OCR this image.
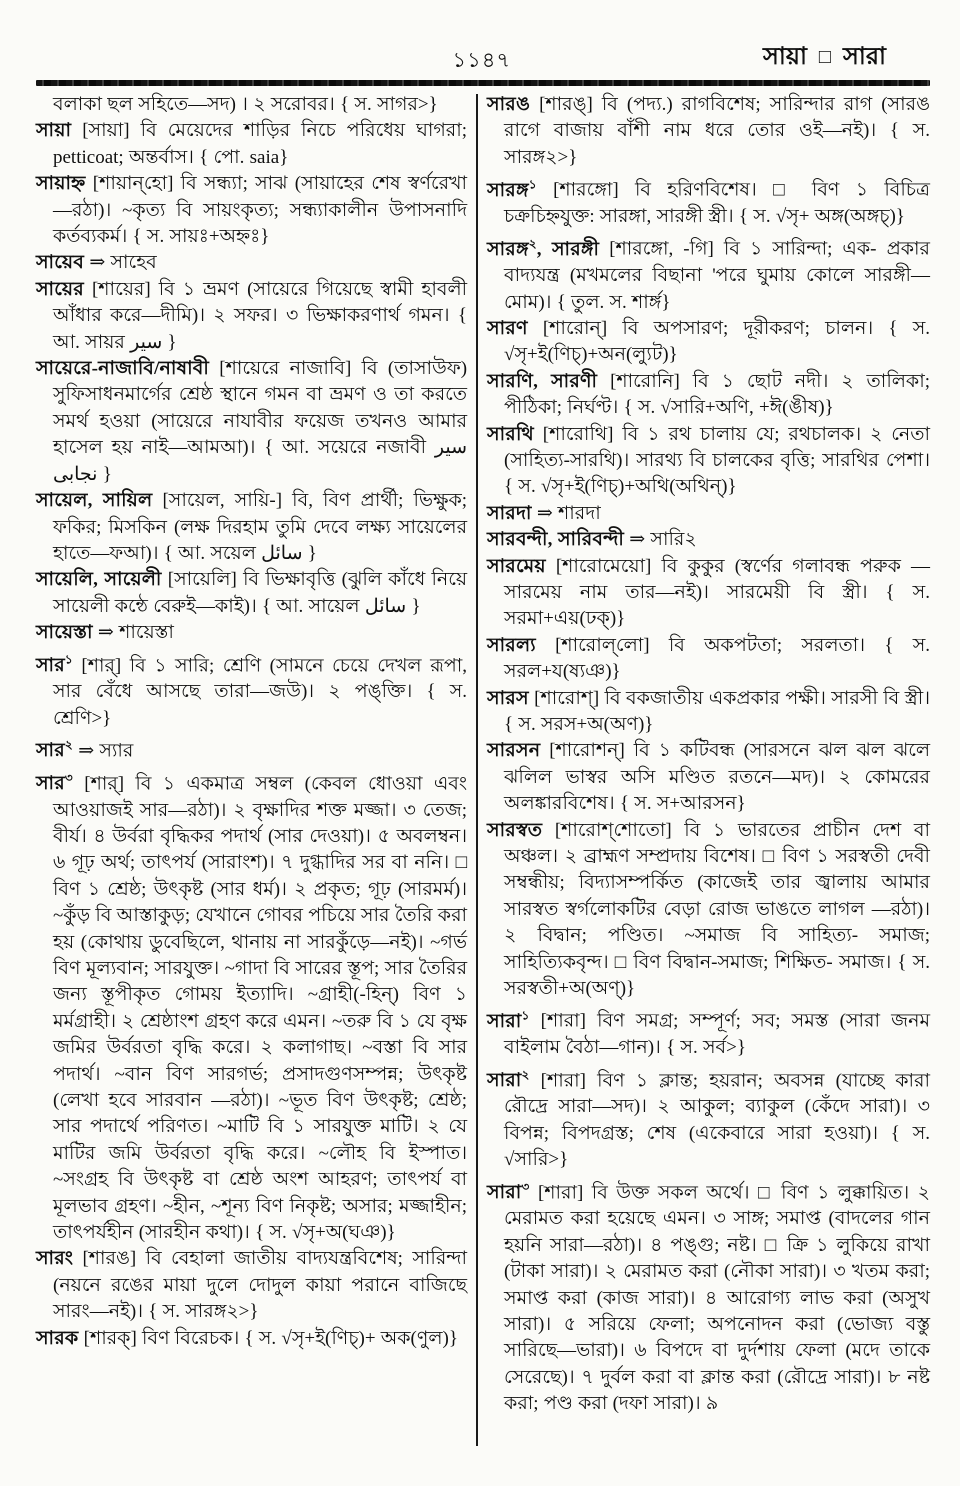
১১৪৭	সায়া □ সারা

বলাকা ছল সহিতে—সদ) । ২ সরোবর। { স. সাগর>}

সায়া [সায়া] বি মেয়েদের শাড়ির নিচে পরিধেয় ঘাগরা; petticoat; অন্তর্বাস। { পো. saia}

সায়াহ্ন [শায়ান্‌হো] বি সন্ধ্যা; সাঝ (সায়াহের শেষ স্বর্ণরেখা—রঠা)। ~কৃত্য বি সায়ংকৃত্য; সন্ধ্যাকালীন উপাসনাদি কর্তব্যকর্ম। { স. সায়ঃ+অহ্নঃ}

সায়েব ⇒ সাহেব

সায়ের [শায়ের] বি ১ ভ্রমণ (সায়েরে গিয়েছে স্বামী হাবলী আঁধার করে—দীমি)। ২ সফর। ৩ ভিক্ষাকরণার্থ গমন। { আ. সায়র سير }

সায়েরে-নাজাবি/নাষাবী [শায়েরে নাজাবি] বি (তাসাউফ) সুফিসাধনমার্গের শ্রেষ্ঠ স্থানে গমন বা ভ্রমণ ও তা করতে সমর্থ হওয়া (সায়েরে নাযাবীর ফয়েজ তখনও আমার হাসেল হয় নাই—আমআ)। { আ. সয়েরে নজাবী سير نجابى }

সায়েল, সায়িল [সায়েল, সায়ি-] বি, বিণ প্রার্থী; ভিক্ষুক; ফকির; মিসকিন (লক্ষ দিরহাম তুমি দেবে লক্ষ্য সায়েলের হাতে—ফআ)। { আ. সয়েল سائل }

সায়েলি, সায়েলী [সায়েলি] বি ভিক্ষাবৃত্তি (ঝুলি কাঁধে নিয়ে সায়েলী কন্ঠে বেরুই—কাই)। { আ. সায়েল سائل }

সায়েস্তা ⇒ শায়েস্তা

সার$^১$ [শার্] বি ১ সারি; শ্রেণি (সামনে চেয়ে দেখল রূপা, সার বেঁধে আসছে তারা—জউ)। ২ পঙ্‌ক্তি। { স. শ্রেণি>}

সার$^২$ ⇒ স্যার

সার$^৩$ [শার্] বি ১ একমাত্র সম্বল (কেবল ধোওয়া এবং আওয়াজই সার—রঠা)। ২ বৃক্ষাদির শক্ত মজ্জা। ৩ তেজ; বীর্য। ৪ উর্বরা বৃদ্ধিকর পদার্থ (সার দেওয়া)। ৫ অবলম্বন। ৬ গূঢ় অর্থ; তাৎপর্য (সারাংশ)। ৭ দুগ্ধাদির সর বা ননি। □ বিণ ১ শ্রেষ্ঠ; উৎকৃষ্ট (সার ধর্ম)। ২ প্রকৃত; গূঢ় (সারমর্ম)। ~কুঁড় বি আস্তাকুড়; যেখানে গোবর পচিয়ে সার তৈরি করা হয় (কোথায় ডুবেছিলে, থানায় না সারকুঁড়ে—নই)। ~গর্ভ বিণ মূল্যবান; সারযুক্ত। ~গাদা বি সারের স্তূপ; সার তৈরির জন্য স্তূপীকৃত গোময় ইত্যাদি। ~গ্রাহী(-হিন্) বিণ ১ মর্মগ্রাহী। ২ শ্রেষ্ঠাংশ গ্রহণ করে এমন। ~তরু বি ১ যে বৃক্ষ জমির উর্বরতা বৃদ্ধি করে। ২ কলাগাছ। ~বস্তা বি সার পদার্থ। ~বান বিণ সারগর্ভ; প্রসাদগুণসম্পন্ন; উৎকৃষ্ট (লেখা হবে সারবান —রঠা)। ~ভূত বিণ উৎকৃষ্ট; শ্রেষ্ঠ; সার পদার্থে পরিণত। ~মাটি বি ১ সারযুক্ত মাটি। ২ যে মাটির জমি উর্বরতা বৃদ্ধি করে। ~লৌহ বি ইস্পাত। ~সংগ্রহ বি উৎকৃষ্ট বা শ্রেষ্ঠ অংশ আহরণ; তাৎপর্য বা মূলভাব গ্রহণ। ~হীন, ~শূন্য বিণ নিকৃষ্ট; অসার; মজ্জাহীন; তাৎপর্যহীন (সারহীন কথা)। { স. √সৃ+অ(ঘঞ)}

সারং [শারঙ] বি বেহালা জাতীয় বাদ্যযন্ত্রবিশেষ; সারিন্দা (নয়নে রঙের মায়া দুলে দোদুল কায়া পরানে বাজিছে সারং—নই)। { স. সারঙ্গ২>}

সারক [শারক্] বিণ বিরেচক। { স. √সৃ+ই(ণিচ্)+ অক(ণুল)}

সারঙ [শারঙ্] বি (পদ্য.) রাগবিশেষ; সারিন্দার রাগ (সারঙ রাগে বাজায় বাঁশী নাম ধরে তোর ওই—নই)। { স. সারঙ্গ২>}

সারঙ্গ$^১$ [শারঙ্গো] বি হরিণবিশেষ। □ বিণ ১ বিচিত্র চক্রচিহ্নযুক্ত: সারঙ্গা, সারঙ্গী স্ত্রী। { স. √সৃ+ অঙ্গ(অঙ্গচ্)}

সারঙ্গ$^২$, সারঙ্গী [শারঙ্গো, -গি] বি ১ সারিন্দা; এক- প্রকার বাদ্যযন্ত্র (মখমলের বিছানা 'পরে ঘুমায় কোলে সারঙ্গী—মোম)। { তুল. স. শার্ঙ্গ}

সারণ [শারোন্] বি অপসারণ; দূরীকরণ; চালন। { স. √সৃ+ই(ণিচ্)+অন(ল্যুট)}

সারণি, সারণী [শারোনি] বি ১ ছোট নদী। ২ তালিকা; পীঠিকা; নির্ঘণ্ট। { স. √সারি+অণি, +ঈ(ঙীষ)}

সারথি [শারোথি] বি ১ রথ চালায় যে; রথচালক। ২ নেতা (সাহিত্য-সারথি)। সারথ্য বি চালকের বৃত্তি; সারথির পেশা। { স. √সৃ+ই(ণিচ্)+অথি(অথিন্)}

সারদা ⇒ শারদা

সারবন্দী, সারিবন্দী ⇒ সারি২

সারমেয় [শারোমেয়ো] বি কুকুর (স্বর্ণের গলাবন্ধ পরুক —সারমেয় নাম তার—নই)। সারমেয়ী বি স্ত্রী। { স. সরমা+এয়(ঢক্)}

সারল্য [শারোল্‌লো] বি অকপটতা; সরলতা। { স. সরল+য(ষ্যঞ)}

সারস [শারোশ্] বি বকজাতীয় একপ্রকার পক্ষী। সারসী বি স্ত্রী। { স. সরস+অ(অণ)}

সারসন [শারোশন্] বি ১ কটিবন্ধ (সারসনে ঝল ঝল ঝলে ঝলিল ভাস্বর অসি মণ্ডিত রতনে—মদ)। ২ কোমরের অলঙ্কারবিশেষ। { স. স+আরসন}

সারস্বত [শারোশ্‌শোতো] বি ১ ভারতের প্রাচীন দেশ বা অঞ্চল। ২ ব্রাহ্মণ সম্প্রদায় বিশেষ। □ বিণ ১ সরস্বতী দেবী সম্বন্ধীয়; বিদ্যাসম্পর্কিত (কাজেই তার জ্বালায় আমার সারস্বত স্বর্গলোকটির বেড়া রোজ ভাঙতে লাগল —রঠা)। ২ বিদ্বান; পণ্ডিত। ~সমাজ বি সাহিত্য- সমাজ; সাহিত্যিকবৃন্দ। □ বিণ বিদ্বান-সমাজ; শিক্ষিত- সমাজ। { স. সরস্বতী+অ(অণ্)}

সারা$^১$ [শারা] বিণ সমগ্র; সম্পূর্ণ; সব; সমস্ত (সারা জনম বাইলাম বৈঠা—গান)। { স. সর্ব>}

সারা$^২$ [শারা] বিণ ১ ক্লান্ত; হয়রান; অবসন্ন (যাচ্ছে কারা রৌদ্রে সারা—সদ)। ২ আকুল; ব্যাকুল (কেঁদে সারা)। ৩ বিপন্ন; বিপদগ্রস্ত; শেষ (একেবারে সারা হওয়া)। { স. √সারি>}

সারা$^৩$ [শারা] বি উক্ত সকল অর্থে। □ বিণ ১ লুক্কায়িত। ২ মেরামত করা হয়েছে এমন। ৩ সাঙ্গ; সমাপ্ত (বাদলের গান হয়নি সারা—রঠা)। ৪ পঙ্গু; নষ্ট। □ ক্রি ১ লুকিয়ে রাখা (টাকা সারা)। ২ মেরামত করা (নৌকা সারা)। ৩ খতম করা; সমাপ্ত করা (কাজ সারা)। ৪ আরোগ্য লাভ করা (অসুখ সারা)। ৫ সরিয়ে ফেলা; অপনোদন করা (ভোজ্য বস্তু সারিছে—ভারা)। ৬ বিপদে বা দুর্দশায় ফেলা (মদে তাকে সেরেছে)। ৭ দুর্বল করা বা ক্লান্ত করা (রৌদ্রে সারা)। ৮ নষ্ট করা; পণ্ড করা (দফা সারা)। ৯
